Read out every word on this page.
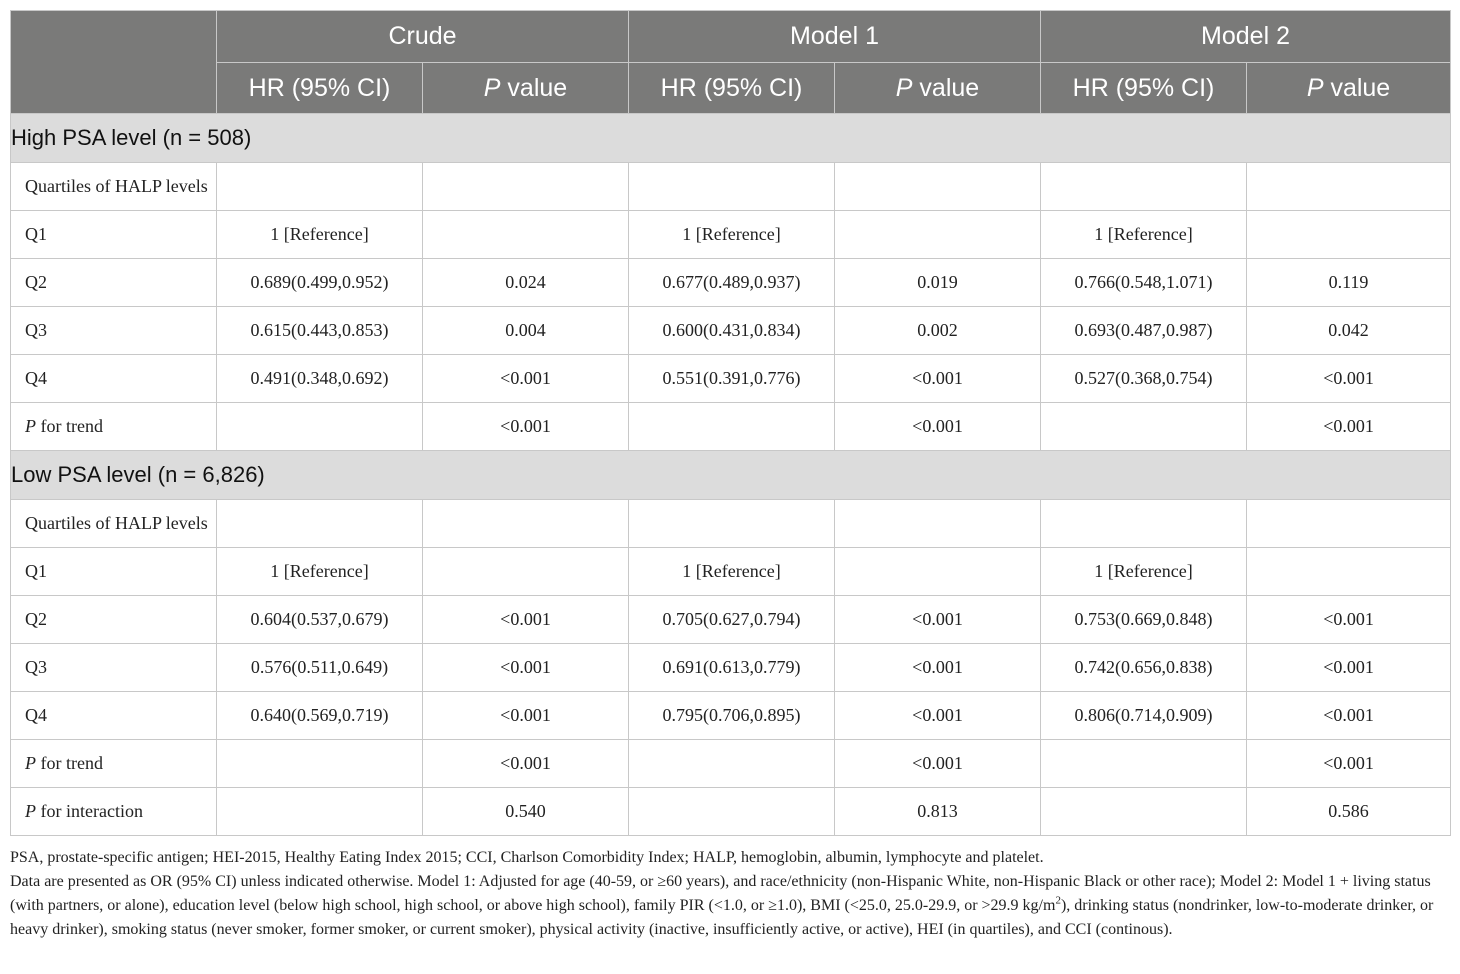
	Crude		Model 1		Model 2	
	HR (95% CI)	P value	HR (95% CI)	P value	HR (95% CI)	P value
High PSA level (n = 508)						
Quartiles of HALP levels						
Q1	1 [Reference]		1 [Reference]		1 [Reference]	
Q2	0.689(0.499,0.952)	0.024	0.677(0.489,0.937)	0.019	0.766(0.548,1.071)	0.119
Q3	0.615(0.443,0.853)	0.004	0.600(0.431,0.834)	0.002	0.693(0.487,0.987)	0.042
Q4	0.491(0.348,0.692)	<0.001	0.551(0.391,0.776)	<0.001	0.527(0.368,0.754)	<0.001
P for trend		<0.001		<0.001		<0.001
Low PSA level (n = 6,826)						
Quartiles of HALP levels						
Q1	1 [Reference]		1 [Reference]		1 [Reference]	
Q2	0.604(0.537,0.679)	<0.001	0.705(0.627,0.794)	<0.001	0.753(0.669,0.848)	<0.001
Q3	0.576(0.511,0.649)	<0.001	0.691(0.613,0.779)	<0.001	0.742(0.656,0.838)	<0.001
Q4	0.640(0.569,0.719)	<0.001	0.795(0.706,0.895)	<0.001	0.806(0.714,0.909)	<0.001
P for trend		<0.001		<0.001		<0.001
P for interaction		0.540		0.813		0.586

PSA, prostate-specific antigen; HEI-2015, Healthy Eating Index 2015; CCI, Charlson Comorbidity Index; HALP, hemoglobin, albumin, lymphocyte and platelet.

Data are presented as OR (95% CI) unless indicated otherwise. Model 1: Adjusted for age (40-59, or ≥60 years), and race/ethnicity (non-Hispanic White, non-Hispanic Black or other race); Model 2: Model 1 + living status (with partners, or alone), education level (below high school, high school, or above high school), family PIR (<1.0, or ≥1.0), BMI (<25.0, 25.0-29.9, or >29.9 $kg/m^2$), drinking status (nondrinker, low-to-moderate drinker, or heavy drinker), smoking status (never smoker, former smoker, or current smoker), physical activity (inactive, insufficiently active, or active), HEI (in quartiles), and CCI (continous).
